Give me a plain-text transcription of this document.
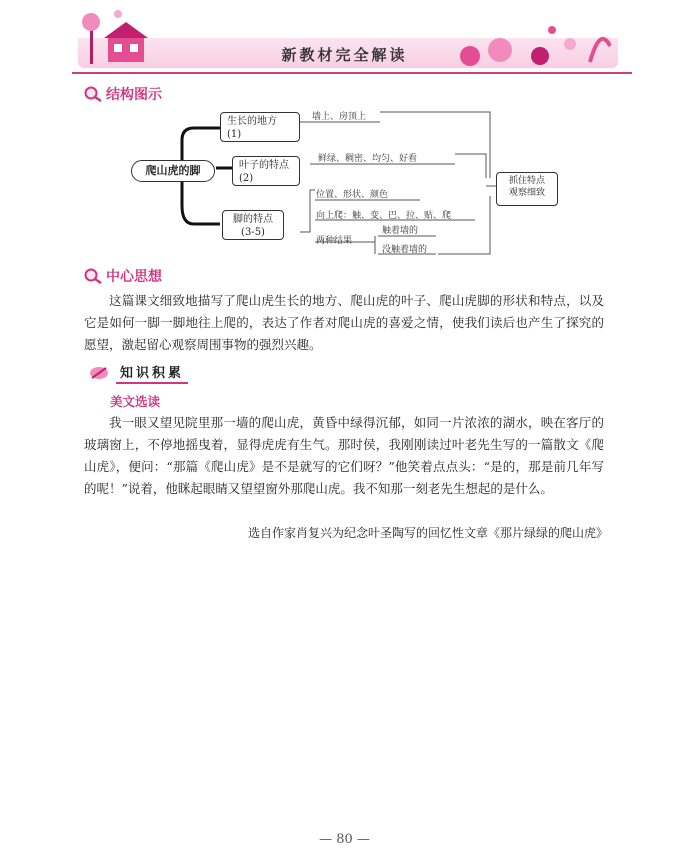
新教材完全解读
结构图示
爬山虎的脚
生长的地方
(1)
叶子的特点
(2)
脚的特点
(3-5)
墙上、房顶上
鲜绿、稠密、均匀、好看
位置、形状、颜色
向上爬：触、变、巴、拉、贴、爬
两种结果
触着墙的
没触着墙的
抓住特点
观察细致
中心思想
这篇课文细致地描写了爬山虎生长的地方、爬山虎的叶子、爬山虎脚的形状和特点，以及它是如何一脚一脚地往上爬的，表达了作者对爬山虎的喜爱之情，使我们读后也产生了探究的愿望，激起留心观察周围事物的强烈兴趣。
知识积累
美文选读
我一眼又望见院里那一墙的爬山虎，黄昏中绿得沉郁，如同一片浓浓的湖水，映在客厅的玻璃窗上，不停地摇曳着，显得虎虎有生气。那时侯，我刚刚读过叶老先生写的一篇散文《爬山虎》，便问：“那篇《爬山虎》是不是就写的它们呀？”他笑着点点头：“是的，那是前几年写的呢！”说着，他眯起眼睛又望望窗外那爬山虎。我不知那一刻老先生想起的是什么。
选自作家肖复兴为纪念叶圣陶写的回忆性文章《那片绿绿的爬山虎》
— 80 —
